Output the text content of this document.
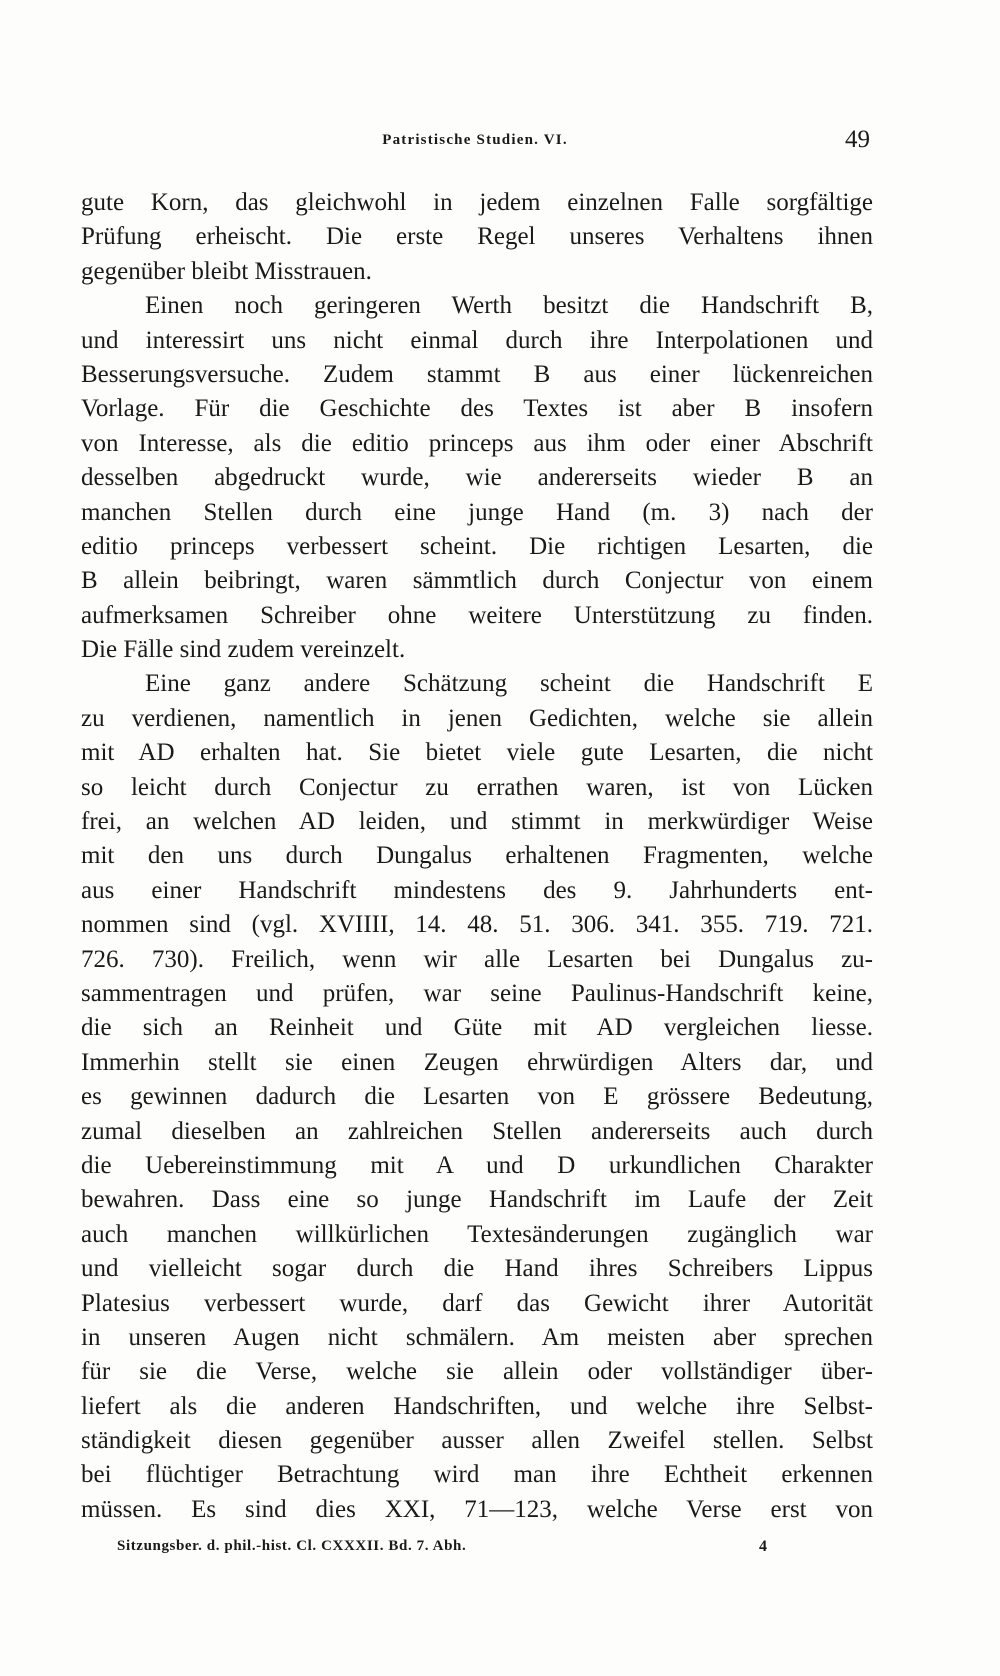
Patristische Studien. VI.	49
gute Korn, das gleichwohl in jedem einzelnen Falle sorgfältige
Prüfung erheischt. Die erste Regel unseres Verhaltens ihnen
gegenüber bleibt Misstrauen.
Einen noch geringeren Werth besitzt die Handschrift B,
und interessirt uns nicht einmal durch ihre Interpolationen und
Besserungsversuche. Zudem stammt B aus einer lückenreichen
Vorlage. Für die Geschichte des Textes ist aber B insofern
von Interesse, als die editio princeps aus ihm oder einer Abschrift
desselben abgedruckt wurde, wie andererseits wieder B an
manchen Stellen durch eine junge Hand (m. 3) nach der
editio princeps verbessert scheint. Die richtigen Lesarten, die
B allein beibringt, waren sämmtlich durch Conjectur von einem
aufmerksamen Schreiber ohne weitere Unterstützung zu finden.
Die Fälle sind zudem vereinzelt.
Eine ganz andere Schätzung scheint die Handschrift E
zu verdienen, namentlich in jenen Gedichten, welche sie allein
mit AD erhalten hat. Sie bietet viele gute Lesarten, die nicht
so leicht durch Conjectur zu errathen waren, ist von Lücken
frei, an welchen AD leiden, und stimmt in merkwürdiger Weise
mit den uns durch Dungalus erhaltenen Fragmenten, welche
aus einer Handschrift mindestens des 9. Jahrhunderts ent-
nommen sind (vgl. XVIIII, 14. 48. 51. 306. 341. 355. 719. 721.
726. 730). Freilich, wenn wir alle Lesarten bei Dungalus zu-
sammentragen und prüfen, war seine Paulinus-Handschrift keine,
die sich an Reinheit und Güte mit AD vergleichen liesse.
Immerhin stellt sie einen Zeugen ehrwürdigen Alters dar, und
es gewinnen dadurch die Lesarten von E grössere Bedeutung,
zumal dieselben an zahlreichen Stellen andererseits auch durch
die Uebereinstimmung mit A und D urkundlichen Charakter
bewahren. Dass eine so junge Handschrift im Laufe der Zeit
auch manchen willkürlichen Textesänderungen zugänglich war
und vielleicht sogar durch die Hand ihres Schreibers Lippus
Platesius verbessert wurde, darf das Gewicht ihrer Autorität
in unseren Augen nicht schmälern. Am meisten aber sprechen
für sie die Verse, welche sie allein oder vollständiger über-
liefert als die anderen Handschriften, und welche ihre Selbst-
ständigkeit diesen gegenüber ausser allen Zweifel stellen. Selbst
bei flüchtiger Betrachtung wird man ihre Echtheit erkennen
müssen. Es sind dies XXI, 71—123, welche Verse erst von
Sitzungsber. d. phil.-hist. Cl. CXXXII. Bd. 7. Abh.	4
